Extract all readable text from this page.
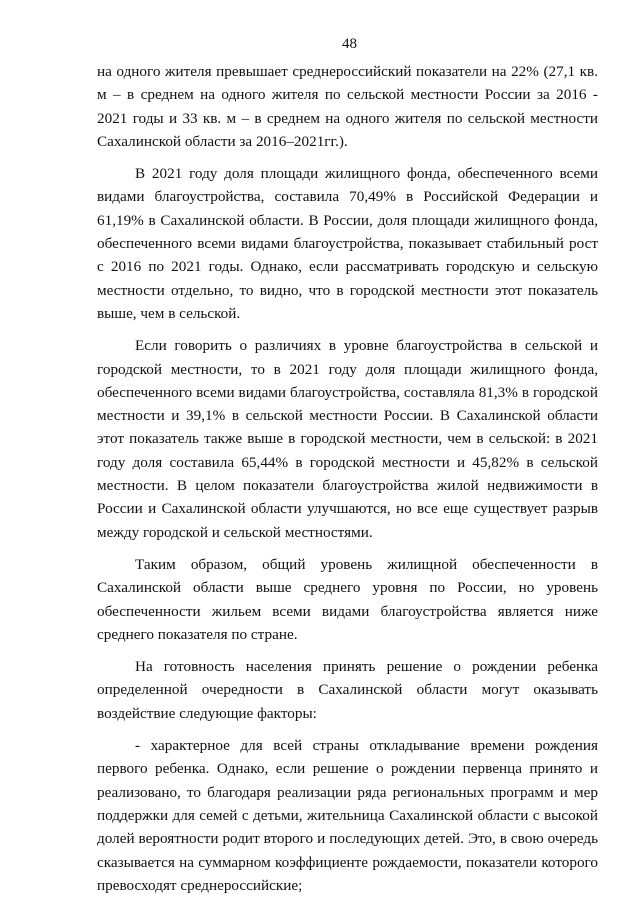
48

на одного жителя превышает среднероссийский показатели на 22% (27,1 кв. м – в среднем на одного жителя по сельской местности России за 2016 - 2021 годы и 33 кв. м – в среднем на одного жителя по сельской местности Сахалинской области за 2016–2021гг.).

В 2021 году доля площади жилищного фонда, обеспеченного всеми видами благоустройства, составила 70,49% в Российской Федерации и 61,19% в Сахалинской области. В России, доля площади жилищного фонда, обеспеченного всеми видами благоустройства, показывает стабильный рост с 2016 по 2021 годы. Однако, если рассматривать городскую и сельскую местности отдельно, то видно, что в городской местности этот показатель выше, чем в сельской.

Если говорить о различиях в уровне благоустройства в сельской и городской местности, то в 2021 году доля площади жилищного фонда, обеспеченного всеми видами благоустройства, составляла 81,3% в городской местности и 39,1% в сельской местности России. В Сахалинской области этот показатель также выше в городской местности, чем в сельской: в 2021 году доля составила 65,44% в городской местности и 45,82% в сельской местности. В целом показатели благоустройства жилой недвижимости в России и Сахалинской области улучшаются, но все еще существует разрыв между городской и сельской местностями.

Таким образом, общий уровень жилищной обеспеченности в Сахалинской области выше среднего уровня по России, но уровень обеспеченности жильем всеми видами благоустройства является ниже среднего показателя по стране.

На готовность населения принять решение о рождении ребенка определенной очередности в Сахалинской области могут оказывать воздействие следующие факторы:

- характерное для всей страны откладывание времени рождения первого ребенка. Однако, если решение о рождении первенца принято и реализовано, то благодаря реализации ряда региональных программ и мер поддержки для семей с детьми, жительница Сахалинской области с высокой долей вероятности родит второго и последующих детей. Это, в свою очередь сказывается на суммарном коэффициенте рождаемости, показатели которого превосходят среднероссийские;
